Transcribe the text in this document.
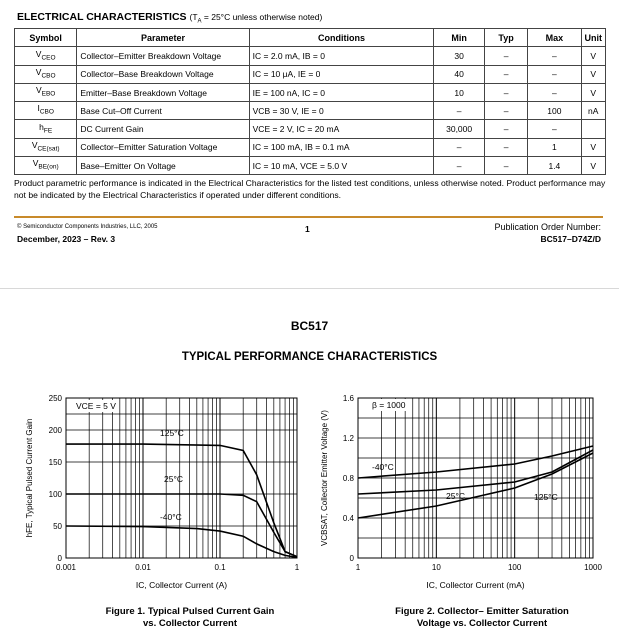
ELECTRICAL CHARACTERISTICS ($T_A = 25^\circ C$ unless otherwise noted)
Symbol	Parameter	Conditions	Min	Typ	Max	Unit
$V_{CEO}$	Collector–Emitter Breakdown Voltage	IC = 2.0 mA, IB = 0	30	–	–	V
$V_{CBO}$	Collector–Base Breakdown Voltage	IC = 10 μA, IE = 0	40	–	–	V
$V_{EBO}$	Emitter–Base Breakdown Voltage	IE = 100 nA, IC = 0	10	–	–	V
$I_{CBO}$	Base Cut–Off Current	VCB = 30 V, IE = 0	–	–	100	nA
$h_{FE}$	DC Current Gain	VCE = 2 V, IC = 20 mA	30,000	–	–	
$V_{CE(sat)}$	Collector–Emitter Saturation Voltage	IC = 100 mA, IB = 0.1 mA	–	–	1	V
$V_{BE(on)}$	Base–Emitter On Voltage	IC = 10 mA, VCE = 5.0 V	–	–	1.4	V
Product parametric performance is indicated in the Electrical Characteristics for the listed test conditions, unless otherwise noted. Product performance may not be indicated by the Electrical Characteristics if operated under different conditions.
© Semiconductor Components Industries, LLC, 2005
December, 2023 – Rev. 3
1	Publication Order Number:
BC517–D74Z/D
BC517
TYPICAL PERFORMANCE CHARACTERISTICS
0.001	0.01	0.1	1
0
50
100
150
200
250
IC, Collector Current (A)
hFE, Typical Pulsed Current Gain	125°C
25°C
-40°C
VCE = 5 V
1	10	100	1000
0
0.4
0.8
1.2
1.6
IC, Collector Current (mA)
VCBSAT, Collector Emitter Voltage (V)	-40°C
25°C	125°C
β = 1000
Figure 1. Typical Pulsed Current Gain
vs. Collector Current
Figure 2. Collector– Emitter Saturation
Voltage vs. Collector Current
